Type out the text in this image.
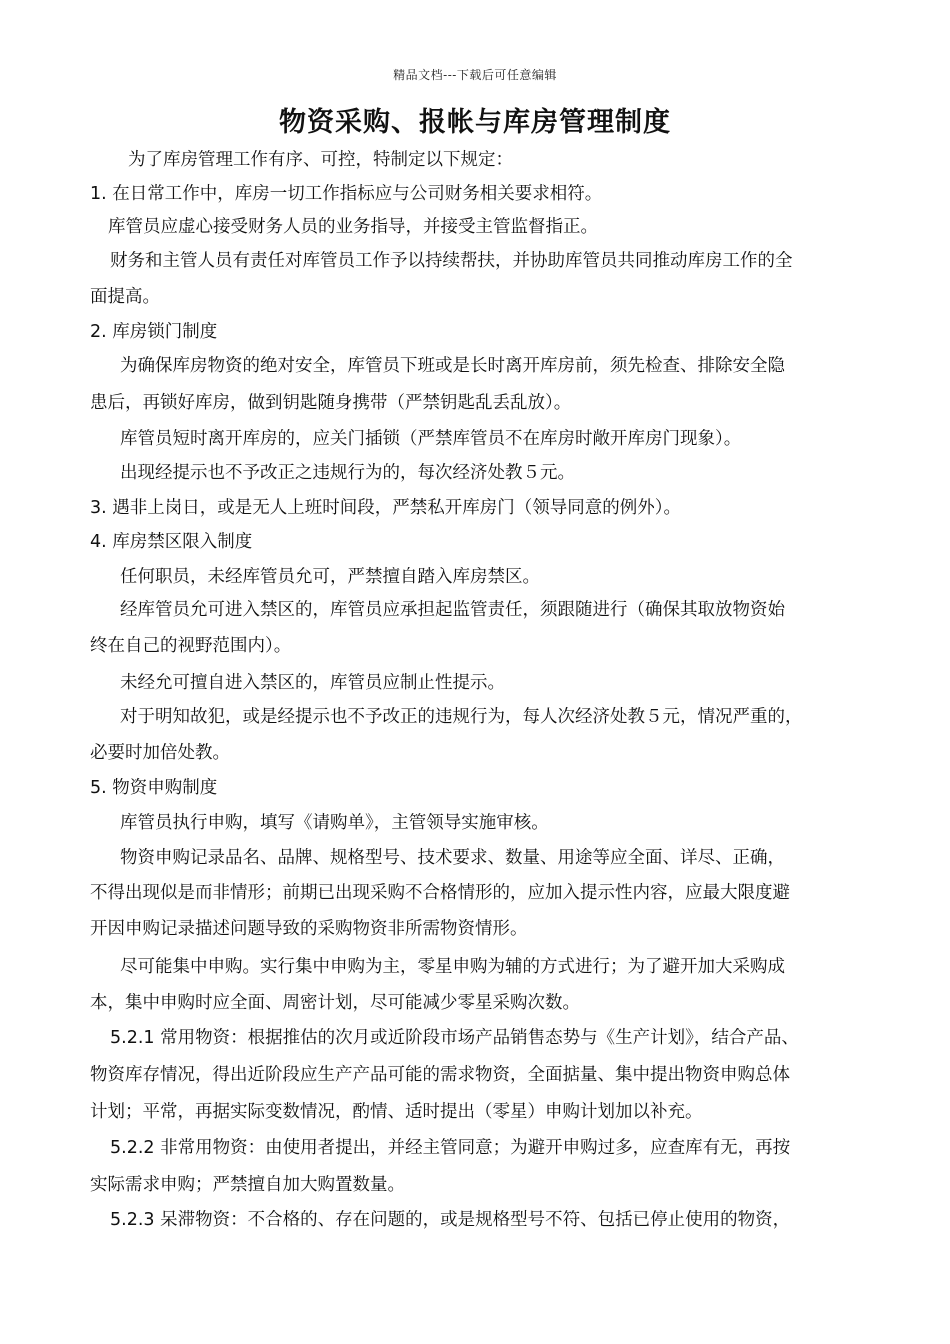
精品文档---下载后可任意编辑
物资采购、报帐与库房管理制度
为了库房管理工作有序、可控，特制定以下规定：
1. 在日常工作中，库房一切工作指标应与公司财务相关要求相符。
库管员应虚心接受财务人员的业务指导，并接受主管监督指正。
财务和主管人员有责任对库管员工作予以持续帮扶，并协助库管员共同推动库房工作的全
面提高。
2. 库房锁门制度
为确保库房物资的绝对安全，库管员下班或是长时离开库房前，须先检查、排除安全隐
患后，再锁好库房，做到钥匙随身携带（严禁钥匙乱丢乱放）。
库管员短时离开库房的，应关门插锁（严禁库管员不在库房时敞开库房门现象）。
出现经提示也不予改正之违规行为的，每次经济处教５元。
3. 遇非上岗日，或是无人上班时间段，严禁私开库房门（领导同意的例外）。
4. 库房禁区限入制度
任何职员，未经库管员允可，严禁擅自踏入库房禁区。
经库管员允可进入禁区的，库管员应承担起监管责任，须跟随进行（确保其取放物资始
终在自己的视野范围内）。
未经允可擅自进入禁区的，库管员应制止性提示。
对于明知故犯，或是经提示也不予改正的违规行为，每人次经济处教５元，情况严重的，
必要时加倍处教。
5. 物资申购制度
库管员执行申购，填写《请购单》，主管领导实施审核。
物资申购记录品名、品牌、规格型号、技术要求、数量、用途等应全面、详尽、正确，
不得出现似是而非情形；前期已出现采购不合格情形的，应加入提示性内容，应最大限度避
开因申购记录描述问题导致的采购物资非所需物资情形。
尽可能集中申购。实行集中申购为主，零星申购为辅的方式进行；为了避开加大采购成
本，集中申购时应全面、周密计划，尽可能减少零星采购次数。
5.2.1 常用物资：根据推估的次月或近阶段市场产品销售态势与《生产计划》，结合产品、
物资库存情况，得出近阶段应生产产品可能的需求物资，全面掂量、集中提出物资申购总体
计划；平常，再据实际变数情况，酌情、适时提出（零星）申购计划加以补充。
5.2.2 非常用物资：由使用者提出，并经主管同意；为避开申购过多，应查库有无，再按
实际需求申购；严禁擅自加大购置数量。
5.2.3 呆滞物资：不合格的、存在问题的，或是规格型号不符、包括已停止使用的物资，
